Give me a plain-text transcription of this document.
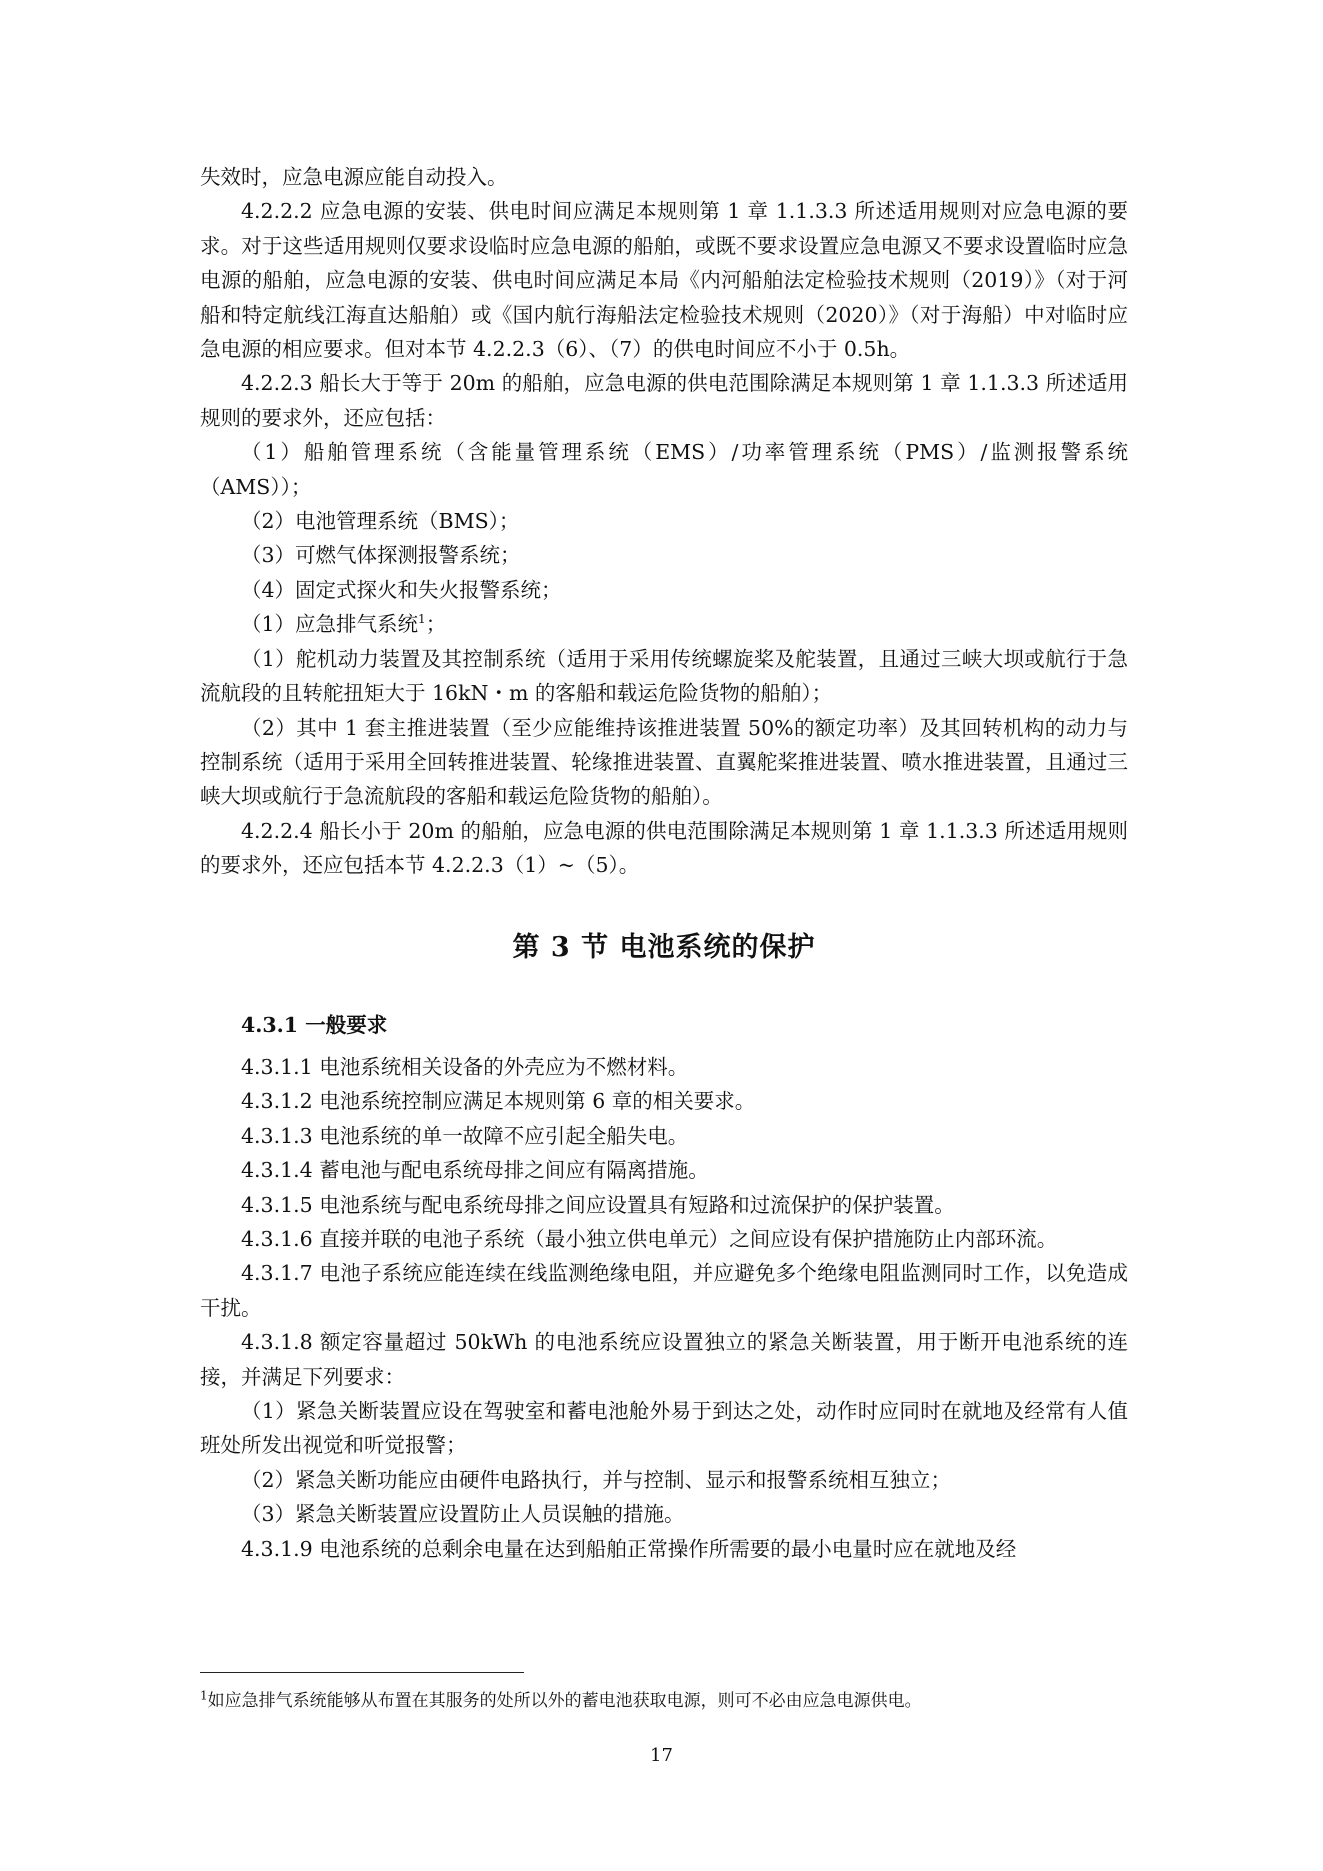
失效时，应急电源应能自动投入。

4.2.2.2 应急电源的安装、供电时间应满足本规则第 1 章 1.1.3.3 所述适用规则对应急电源的要求。对于这些适用规则仅要求设临时应急电源的船舶，或既不要求设置应急电源又不要求设置临时应急电源的船舶，应急电源的安装、供电时间应满足本局《内河船舶法定检验技术规则（2019）》（对于河船和特定航线江海直达船舶）或《国内航行海船法定检验技术规则（2020）》（对于海船）中对临时应急电源的相应要求。但对本节 4.2.2.3（6）、（7）的供电时间应不小于 0.5h。

4.2.2.3 船长大于等于 20m 的船舶，应急电源的供电范围除满足本规则第 1 章 1.1.3.3 所述适用规则的要求外，还应包括：

（1）船舶管理系统（含能量管理系统（EMS）/功率管理系统（PMS）/监测报警系统（AMS））；

（2）电池管理系统（BMS）；

（3）可燃气体探测报警系统；

（4）固定式探火和失火报警系统；

（1）应急排气系统$^1$；

（1）舵机动力装置及其控制系统（适用于采用传统螺旋桨及舵装置，且通过三峡大坝或航行于急流航段的且转舵扭矩大于 16kN・m 的客船和载运危险货物的船舶）；

（2）其中 1 套主推进装置（至少应能维持该推进装置 50%的额定功率）及其回转机构的动力与控制系统（适用于采用全回转推进装置、轮缘推进装置、直翼舵桨推进装置、喷水推进装置，且通过三峡大坝或航行于急流航段的客船和载运危险货物的船舶）。

4.2.2.4 船长小于 20m 的船舶，应急电源的供电范围除满足本规则第 1 章 1.1.3.3 所述适用规则的要求外，还应包括本节 4.2.2.3（1）~（5）。

第 3 节 电池系统的保护

4.3.1 一般要求

4.3.1.1 电池系统相关设备的外壳应为不燃材料。

4.3.1.2 电池系统控制应满足本规则第 6 章的相关要求。

4.3.1.3 电池系统的单一故障不应引起全船失电。

4.3.1.4 蓄电池与配电系统母排之间应有隔离措施。

4.3.1.5 电池系统与配电系统母排之间应设置具有短路和过流保护的保护装置。

4.3.1.6 直接并联的电池子系统（最小独立供电单元）之间应设有保护措施防止内部环流。

4.3.1.7 电池子系统应能连续在线监测绝缘电阻，并应避免多个绝缘电阻监测同时工作，以免造成干扰。

4.3.1.8 额定容量超过 50kWh 的电池系统应设置独立的紧急关断装置，用于断开电池系统的连接，并满足下列要求：

（1）紧急关断装置应设在驾驶室和蓄电池舱外易于到达之处，动作时应同时在就地及经常有人值班处所发出视觉和听觉报警；

（2）紧急关断功能应由硬件电路执行，并与控制、显示和报警系统相互独立；

（3）紧急关断装置应设置防止人员误触的措施。

4.3.1.9 电池系统的总剩余电量在达到船舶正常操作所需要的最小电量时应在就地及经

$^1$如应急排气系统能够从布置在其服务的处所以外的蓄电池获取电源，则可不必由应急电源供电。
17
